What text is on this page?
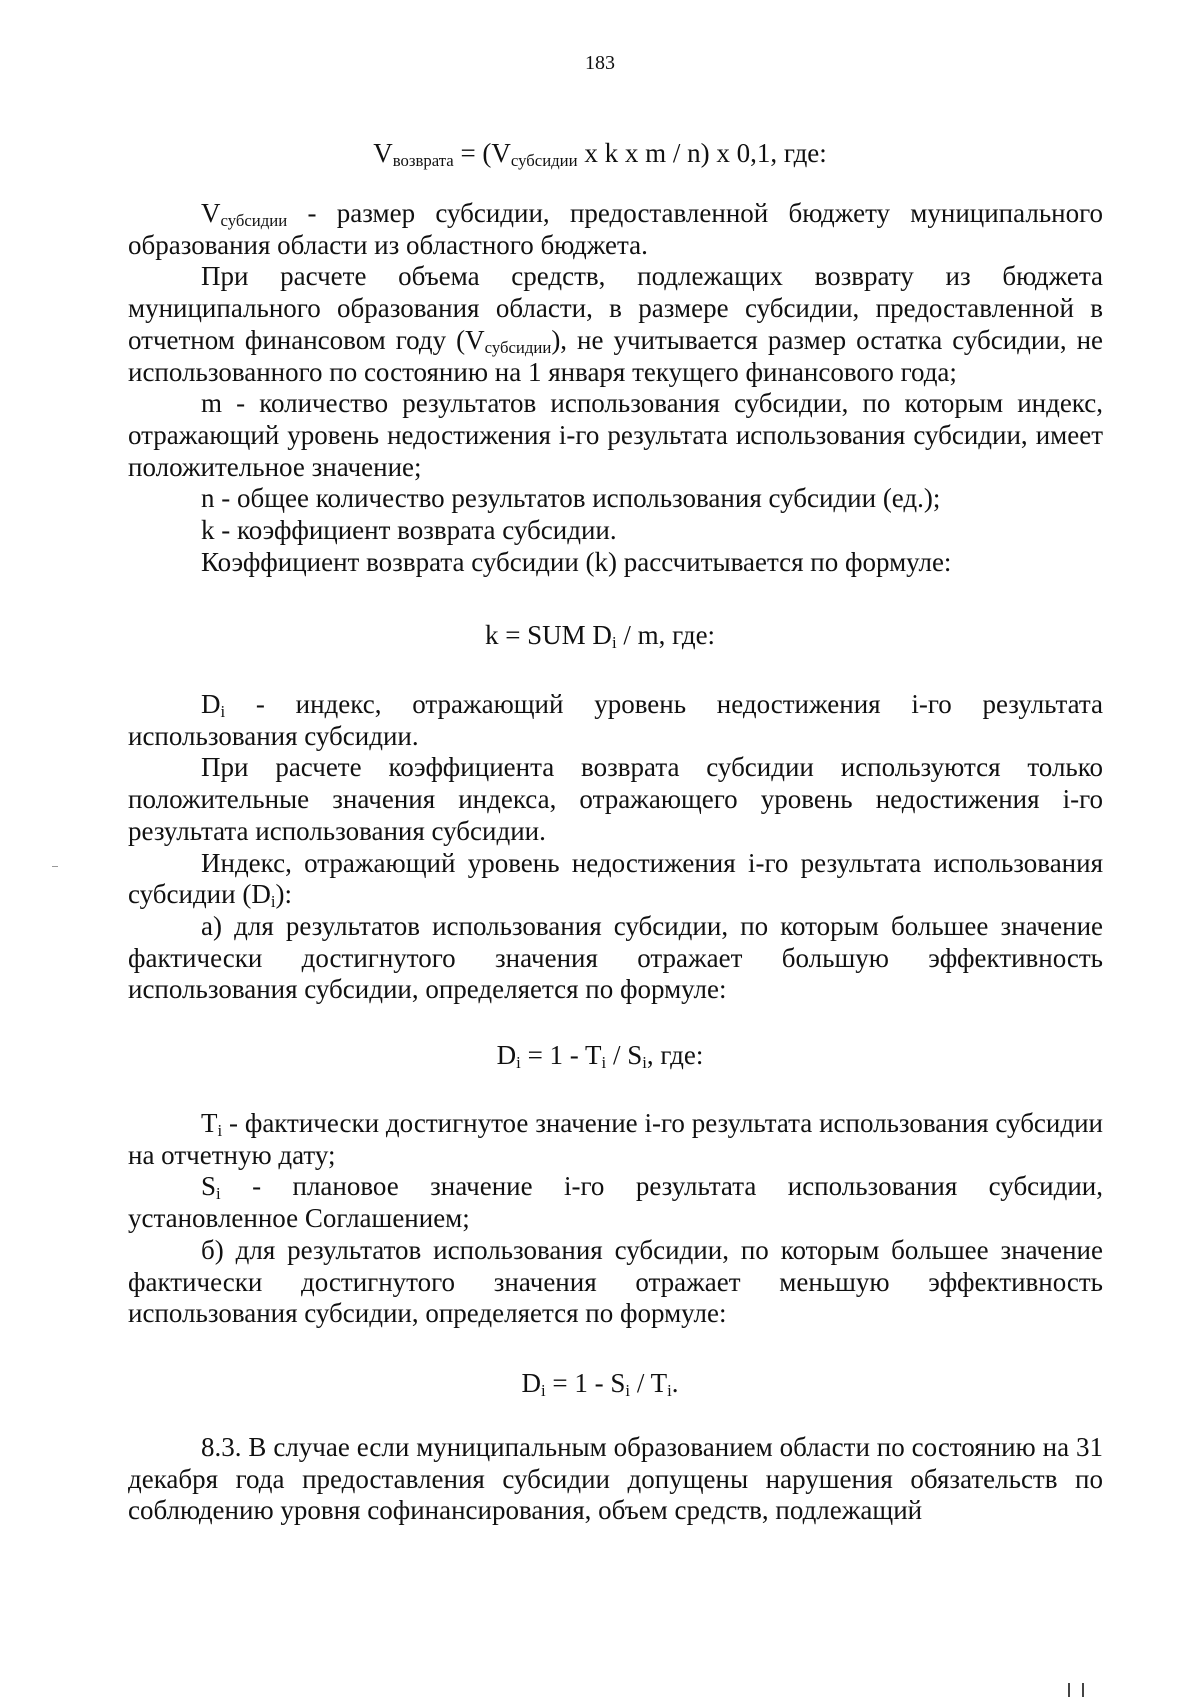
183
$V_{возврата} = (V_{субсидии}$ x k x m / n) x 0,1, где:

$V_{субсидии}$ - размер субсидии, предоставленной бюджету муниципального образования области из областного бюджета.

При расчете объема средств, подлежащих возврату из бюджета муниципального образования области, в размере субсидии, предоставленной в отчетном финансовом году $(V_{субсидии})$, не учитывается размер остатка субсидии, не использованного по состоянию на 1 января текущего финансового года;

m - количество результатов использования субсидии, по которым индекс, отражающий уровень недостижения i-го результата использования субсидии, имеет положительное значение;

n - общее количество результатов использования субсидии (ед.);

k - коэффициент возврата субсидии.

Коэффициент возврата субсидии (k) рассчитывается по формуле:

k = SUM $D_i$ / m, где:

$D_i$ - индекс, отражающий уровень недостижения i-го результата использования субсидии.

При расчете коэффициента возврата субсидии используются только положительные значения индекса, отражающего уровень недостижения i-го результата использования субсидии.

Индекс, отражающий уровень недостижения i-го результата использования субсидии $(D_i)$:

а) для результатов использования субсидии, по которым большее значение фактически достигнутого значения отражает большую эффективность использования субсидии, определяется по формуле:

$D_i = 1 - T_i / S_i$, где:

$T_i$ - фактически достигнутое значение i-го результата использования субсидии на отчетную дату;

$S_i$ - плановое значение i-го результата использования субсидии, установленное Соглашением;

б) для результатов использования субсидии, по которым большее значение фактически достигнутого значения отражает меньшую эффективность использования субсидии, определяется по формуле:

$D_i = 1 - S_i / T_i$.

8.3. В случае если муниципальным образованием области по состоянию на 31 декабря года предоставления субсидии допущены нарушения обязательств по соблюдению уровня софинансирования, объем средств, подлежащий
